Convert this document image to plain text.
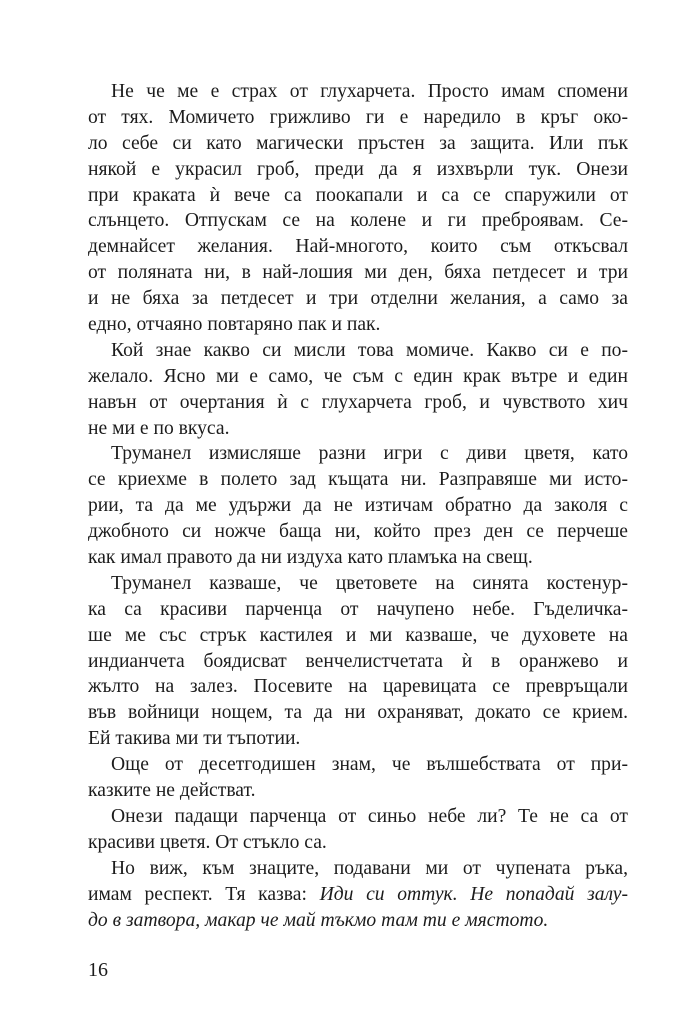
Не че ме е страх от глухарчета. Просто имам спомени
от тях. Момичето грижливо ги е наредило в кръг око-
ло себе си като магически пръстен за защита. Или пък
някой е украсил гроб, преди да я изхвърли тук. Онези
при краката ѝ вече са поокапали и са се спаружили от
слънцето. Отпускам се на колене и ги преброявам. Се-
демнайсет желания. Най-многото, които съм откъсвал
от поляната ни, в най-лошия ми ден, бяха петдесет и три
и не бяха за петдесет и три отделни желания, а само за
едно, отчаяно повтаряно пак и пак.
Кой знае какво си мисли това момиче. Какво си е по-
желало. Ясно ми е само, че съм с един крак вътре и един
навън от очертания ѝ с глухарчета гроб, и чувството хич
не ми е по вкуса.
Труманел измисляше разни игри с диви цветя, като
се криехме в полето зад къщата ни. Разправяше ми исто-
рии, та да ме удържи да не изтичам обратно да заколя с
джобното си ножче баща ни, който през ден се перчеше
как имал правото да ни издуха като пламъка на свещ.
Труманел казваше, че цветовете на синята костенур-
ка са красиви парченца от начупено небе. Гъделичка-
ше ме със стрък кастилея и ми казваше, че духовете на
индианчета боядисват венчелистчетата ѝ в оранжево и
жълто на залез. Посевите на царевицата се превръщали
във войници нощем, та да ни охраняват, докато се крием.
Ей такива ми ти тъпотии.
Още от десетгодишен знам, че вълшебствата от при-
казките не действат.
Онези падащи парченца от синьо небе ли? Те не са от
красиви цветя. От стъкло са.
Но виж, към знаците, подавани ми от чупената ръка,
имам респект. Тя казва: Иди си оттук. Не попадай залу-
до в затвора, макар че май тъкмо там ти е мястото.
16
